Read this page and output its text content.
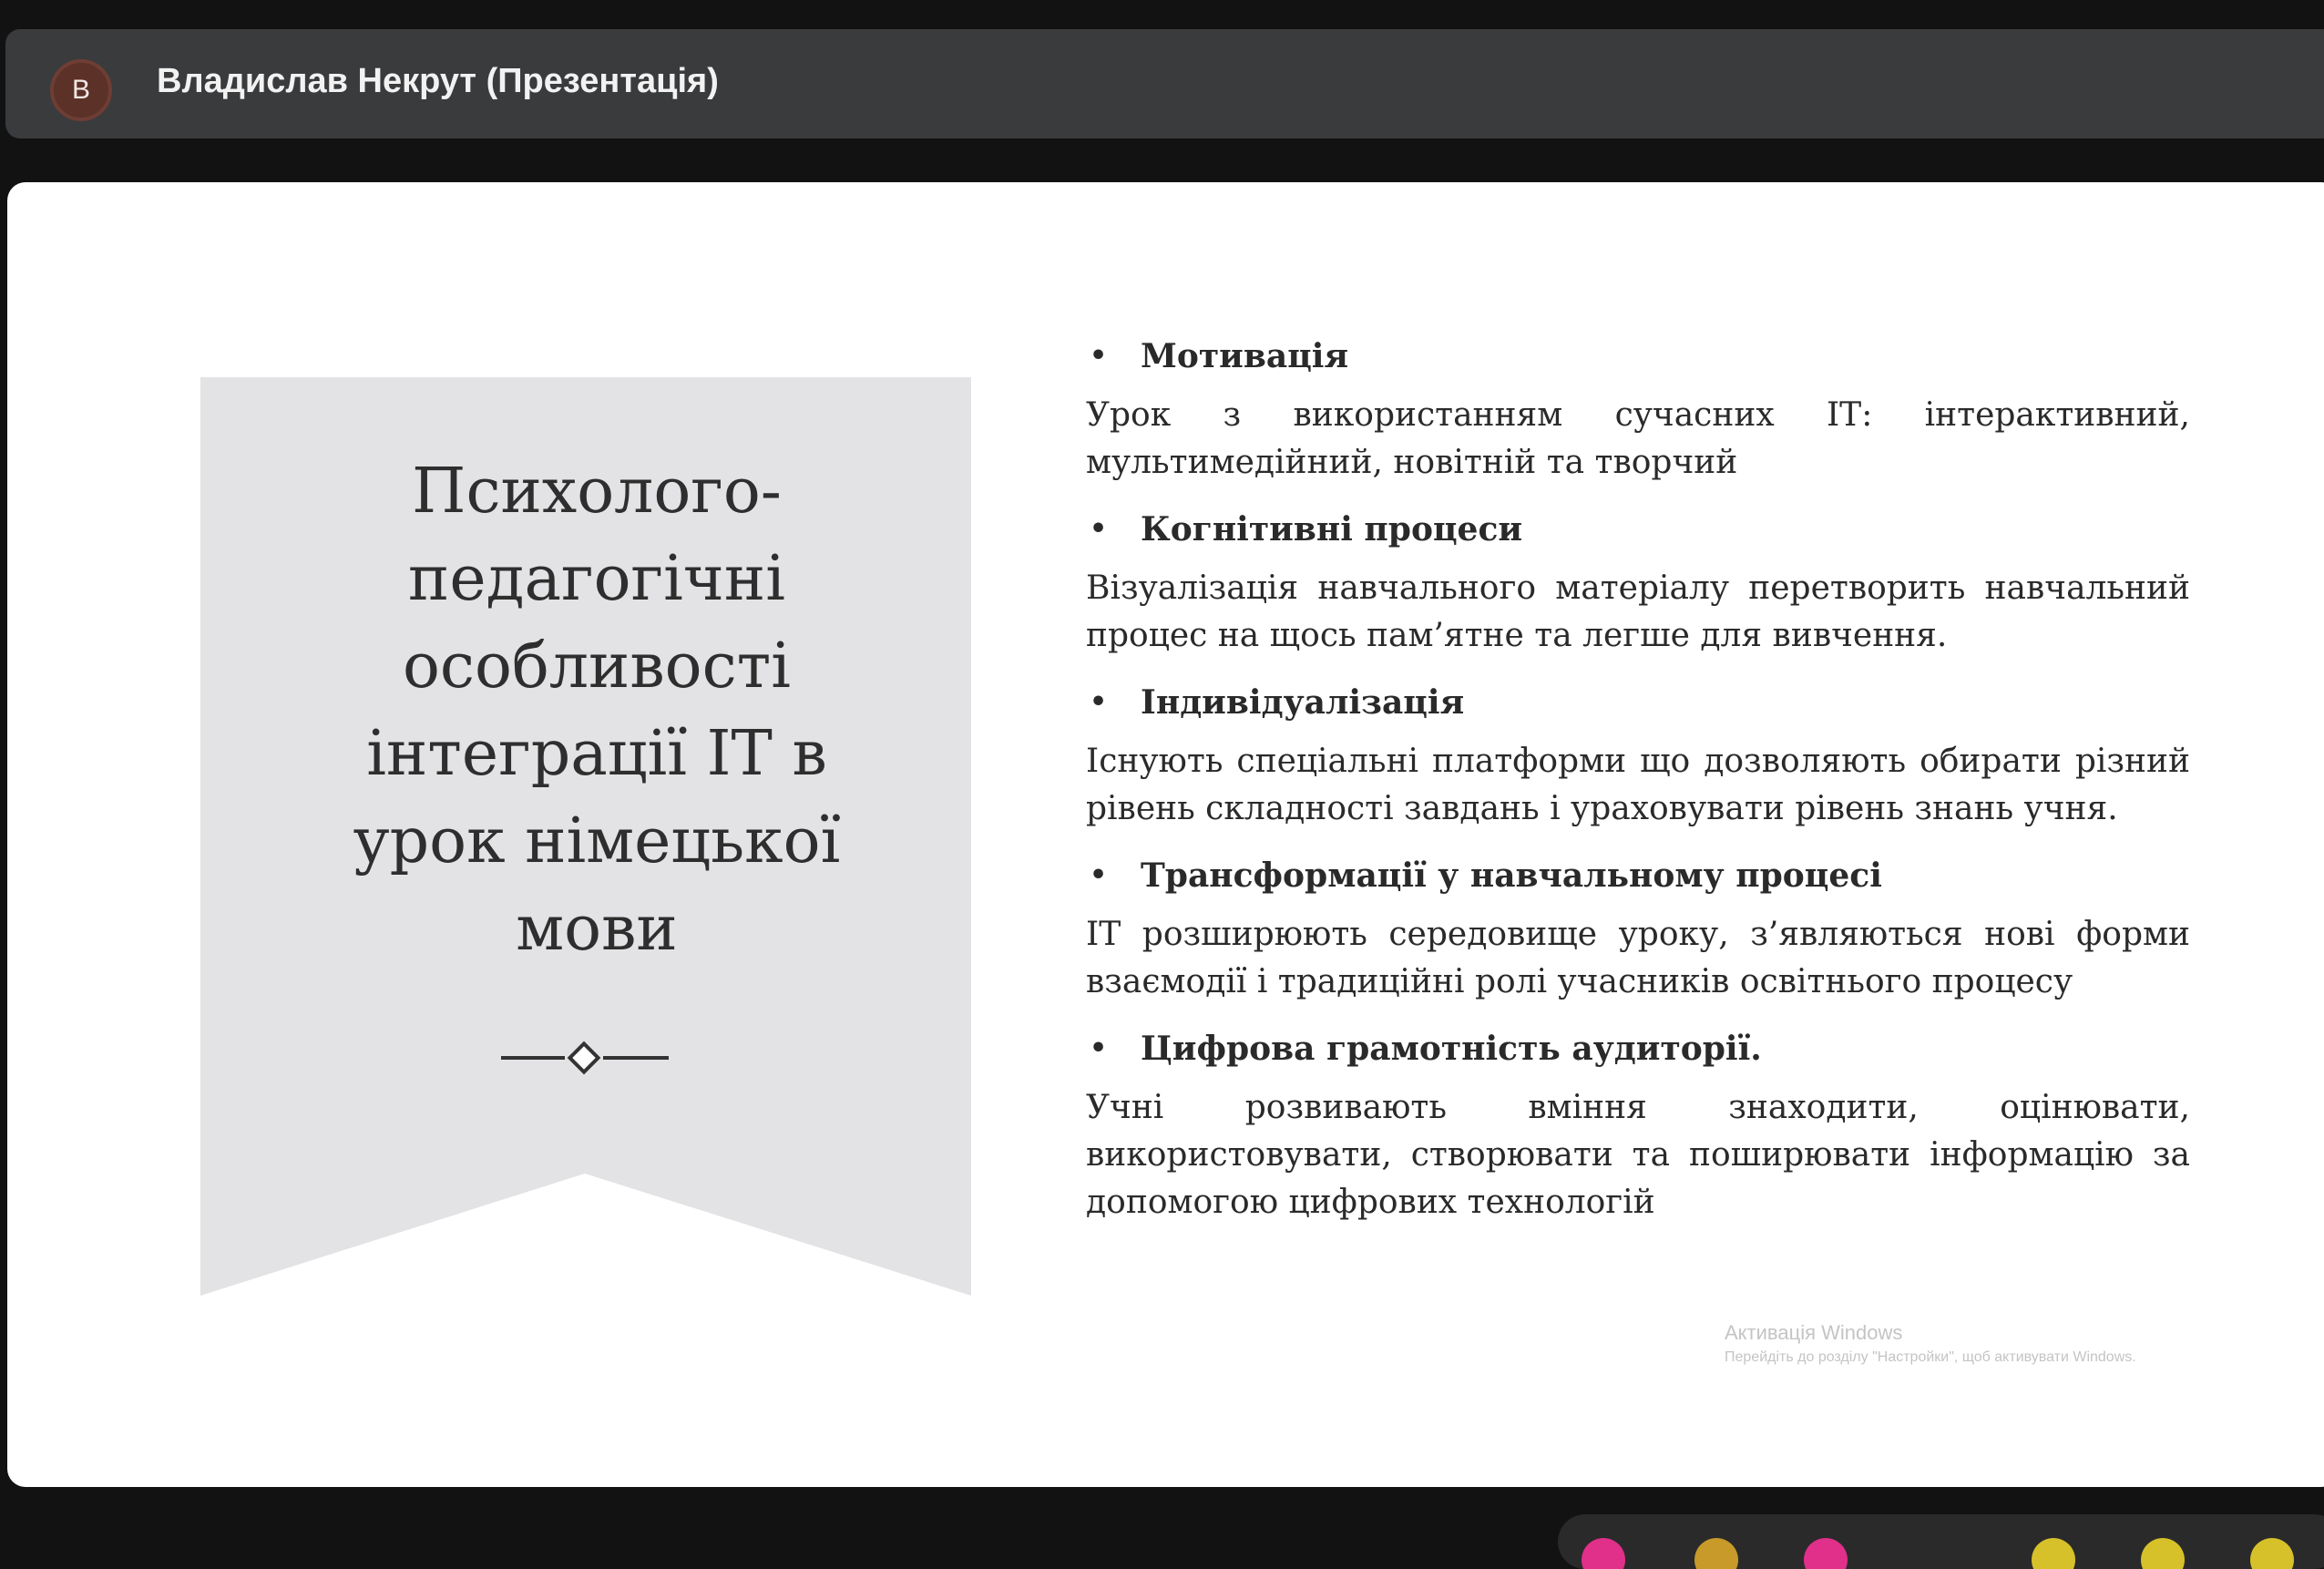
В	Владислав Некрут (Презентація)
Психолого-
педагогічні
особливості
інтеграції ІТ в
урок німецької
мови
• Мотивація
Урок з використанням сучасних ІТ: інтерактивний, мультимедійний, новітній та творчий
• Когнітивні процеси
Візуалізація навчального матеріалу перетворить навчальний процес на щось пам’ятне та легше для вивчення.
• Індивідуалізація
Існують спеціальні платформи що дозволяють обирати різний рівень складності завдань і ураховувати рівень знань учня.
• Трансформації у навчальному процесі
ІТ розширюють середовище уроку, з’являються нові форми взаємодії і традиційні ролі учасників освітнього процесу
• Цифрова грамотність аудиторії.
Учні розвивають вміння знаходити, оцінювати, використовувати, створювати та поширювати інформацію за допомогою цифрових технологій
Активація Windows
Перейдіть до розділу "Настройки", щоб активувати Windows.
